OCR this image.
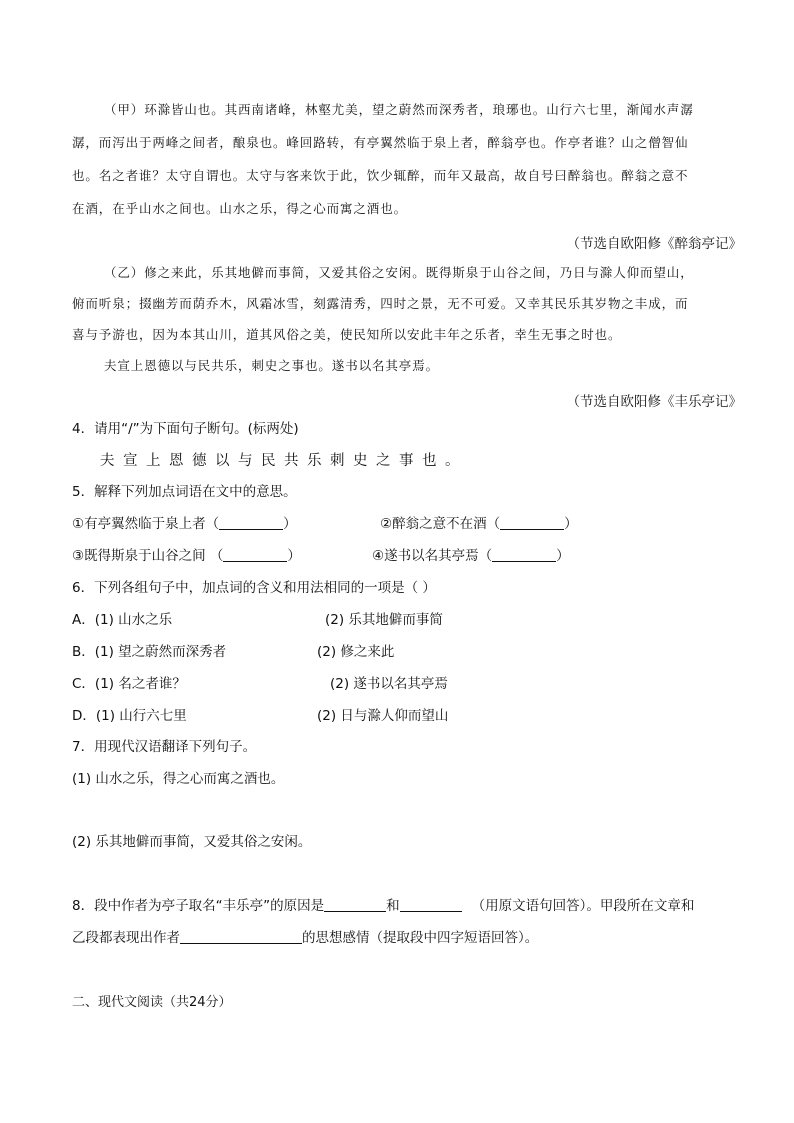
（甲）环滁皆山也。其西南诸峰，林壑尤美，望之蔚然而深秀者，琅琊也。山行六七里，渐闻水声潺
潺，而泻出于两峰之间者，酿泉也。峰回路转，有亭翼然临于泉上者，醉翁亭也。作亭者谁？山之僧智仙
也。名之者谁？太守自谓也。太守与客来饮于此，饮少辄醉，而年又最高，故自号曰醉翁也。醉翁之意不
在酒，在乎山水之间也。山水之乐，得之心而寓之酒也。
（节选自欧阳修《醉翁亭记》
（乙）修之来此，乐其地僻而事简，又爱其俗之安闲。既得斯泉于山谷之间，乃日与滁人仰而望山，
俯而听泉；掇幽芳而荫乔木，风霜冰雪，刻露清秀，四时之景，无不可爱。又幸其民乐其岁物之丰成，而
喜与予游也，因为本其山川，道其风俗之美，使民知所以安此丰年之乐者，幸生无事之时也。
夫宣上恩德以与民共乐，刺史之事也。遂书以名其亭焉。
（节选自欧阳修《丰乐亭记》
4．请用“/”为下面句子断句。(标两处)
夫宣上恩德以与民共乐刺史之事也。
5．解释下列加点词语在文中的意思。
①有亭翼然临于泉上者（	）	②醉翁之意不在酒（	）
③既得斯泉于山谷之间 （	）	④遂书以名其亭焉（	）
6．下列各组句子中，加点词的含义和用法相同的一项是（ ）
A．(1) 山水之乐	(2) 乐其地僻而事简
B．(1) 望之蔚然而深秀者	(2) 修之来此
C．(1) 名之者谁？	(2) 遂书以名其亭焉
D．(1) 山行六七里	(2) 日与滁人仰而望山
7．用现代汉语翻译下列句子。
(1) 山水之乐，得之心而寓之酒也。
(2) 乐其地僻而事简，又爱其俗之安闲。
8．段中作者为亭子取名“丰乐亭”的原因是	和	（用原文语句回答）。甲段所在文章和
乙段都表现出作者	的思想感情（提取段中四字短语回答）。
二、现代文阅读（共24分）
